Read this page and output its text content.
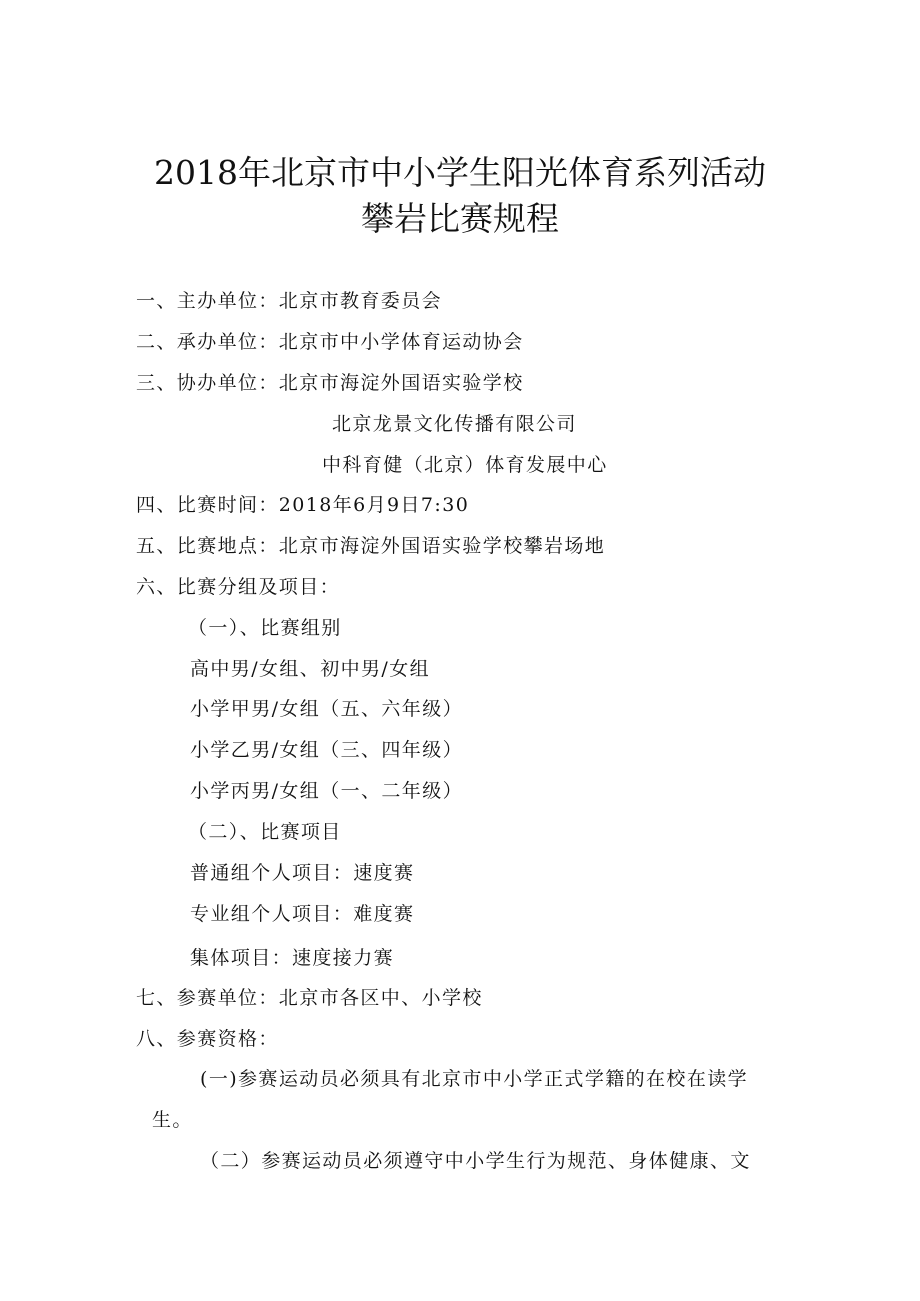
2018年北京市中小学生阳光体育系列活动
攀岩比赛规程
一、主办单位：北京市教育委员会
二、承办单位：北京市中小学体育运动协会
三、协办单位：北京市海淀外国语实验学校
北京龙景文化传播有限公司
中科育健（北京）体育发展中心
四、比赛时间：2018年6月9日7:30
五、比赛地点：北京市海淀外国语实验学校攀岩场地
六、比赛分组及项目：
（一）、比赛组别
高中男/女组、初中男/女组
小学甲男/女组（五、六年级）
小学乙男/女组（三、四年级）
小学丙男/女组（一、二年级）
（二）、比赛项目
普通组个人项目：速度赛
专业组个人项目：难度赛
集体项目：速度接力赛
七、参赛单位：北京市各区中、小学校
八、参赛资格：
(一)参赛运动员必须具有北京市中小学正式学籍的在校在读学
生。
（二）参赛运动员必须遵守中小学生行为规范、身体健康、文
